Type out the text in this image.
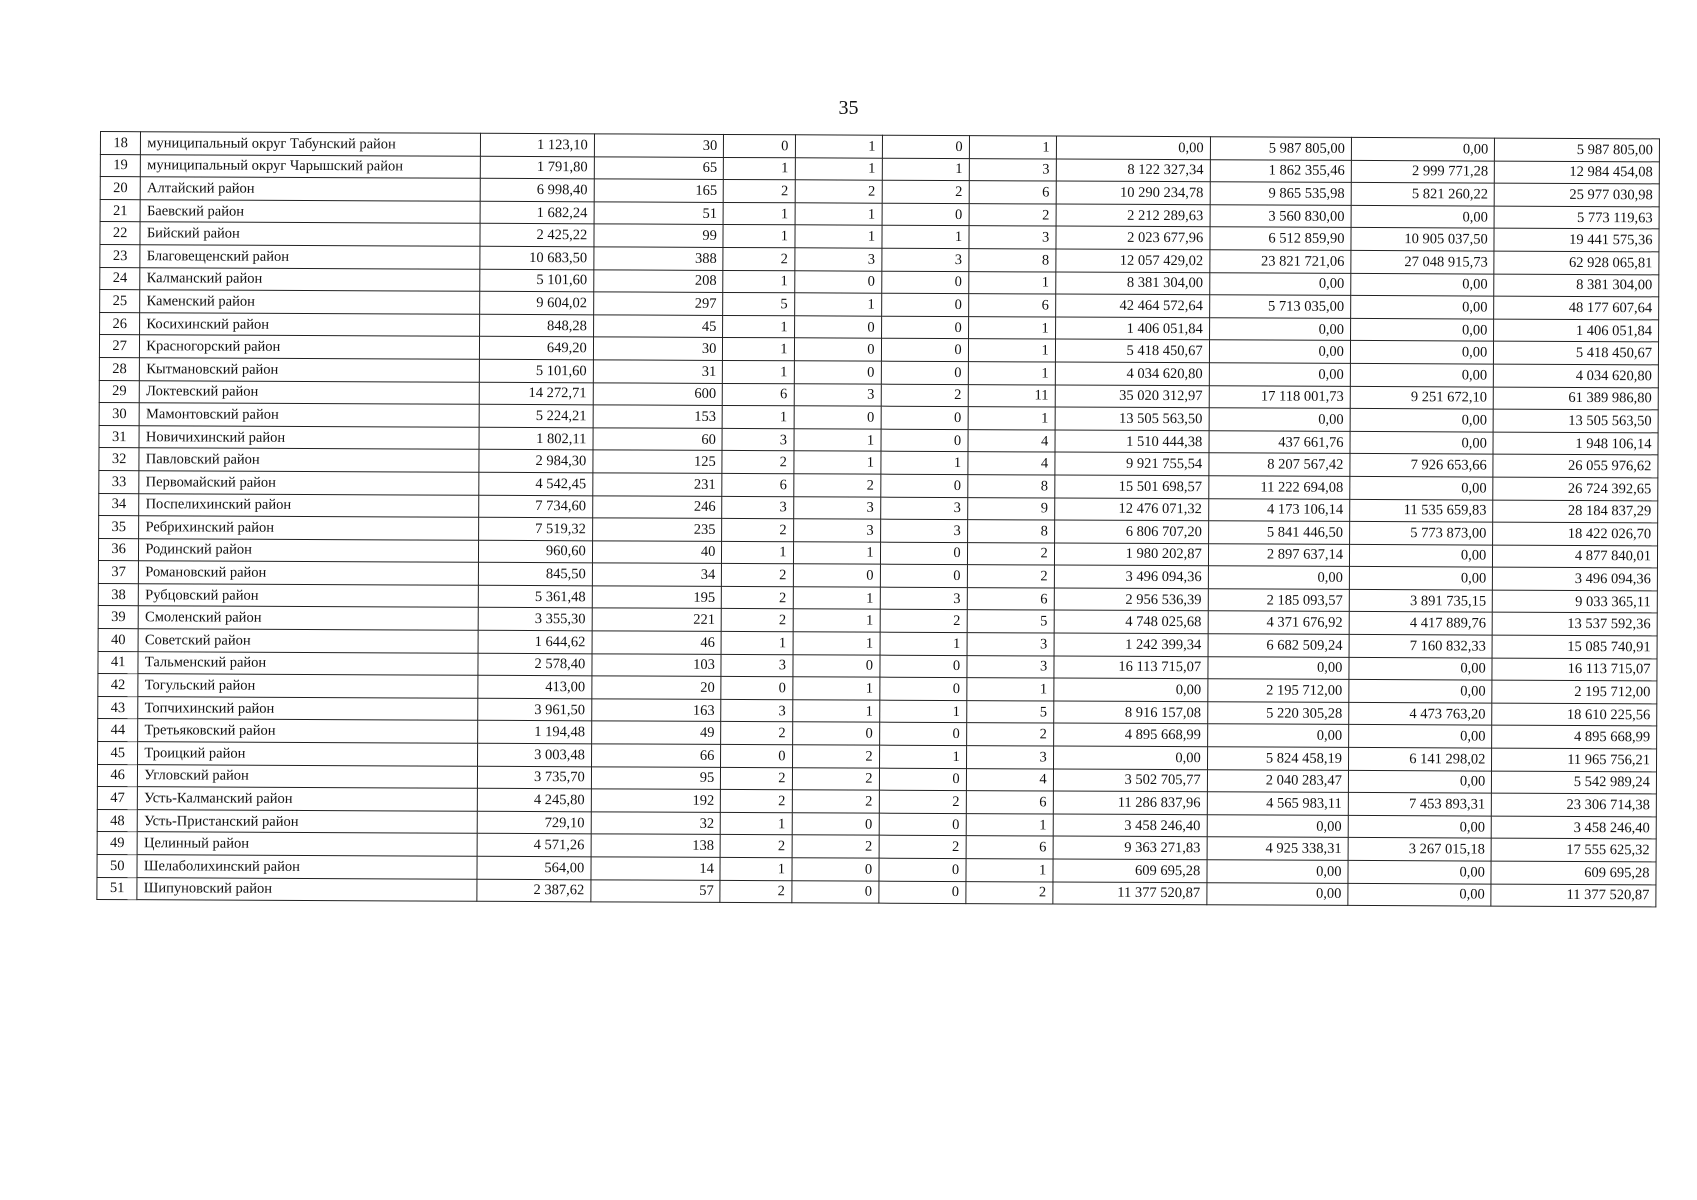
35
18	муниципальный округ Табунский район	1 123,10	30	0	1	0	1	0,00	5 987 805,00	0,00	5 987 805,00
19	муниципальный округ Чарышский район	1 791,80	65	1	1	1	3	8 122 327,34	1 862 355,46	2 999 771,28	12 984 454,08
20	Алтайский район	6 998,40	165	2	2	2	6	10 290 234,78	9 865 535,98	5 821 260,22	25 977 030,98
21	Баевский район	1 682,24	51	1	1	0	2	2 212 289,63	3 560 830,00	0,00	5 773 119,63
22	Бийский район	2 425,22	99	1	1	1	3	2 023 677,96	6 512 859,90	10 905 037,50	19 441 575,36
23	Благовещенский район	10 683,50	388	2	3	3	8	12 057 429,02	23 821 721,06	27 048 915,73	62 928 065,81
24	Калманский район	5 101,60	208	1	0	0	1	8 381 304,00	0,00	0,00	8 381 304,00
25	Каменский район	9 604,02	297	5	1	0	6	42 464 572,64	5 713 035,00	0,00	48 177 607,64
26	Косихинский район	848,28	45	1	0	0	1	1 406 051,84	0,00	0,00	1 406 051,84
27	Красногорский район	649,20	30	1	0	0	1	5 418 450,67	0,00	0,00	5 418 450,67
28	Кытмановский район	5 101,60	31	1	0	0	1	4 034 620,80	0,00	0,00	4 034 620,80
29	Локтевский район	14 272,71	600	6	3	2	11	35 020 312,97	17 118 001,73	9 251 672,10	61 389 986,80
30	Мамонтовский район	5 224,21	153	1	0	0	1	13 505 563,50	0,00	0,00	13 505 563,50
31	Новичихинский район	1 802,11	60	3	1	0	4	1 510 444,38	437 661,76	0,00	1 948 106,14
32	Павловский район	2 984,30	125	2	1	1	4	9 921 755,54	8 207 567,42	7 926 653,66	26 055 976,62
33	Первомайский район	4 542,45	231	6	2	0	8	15 501 698,57	11 222 694,08	0,00	26 724 392,65
34	Поспелихинский район	7 734,60	246	3	3	3	9	12 476 071,32	4 173 106,14	11 535 659,83	28 184 837,29
35	Ребрихинский район	7 519,32	235	2	3	3	8	6 806 707,20	5 841 446,50	5 773 873,00	18 422 026,70
36	Родинский район	960,60	40	1	1	0	2	1 980 202,87	2 897 637,14	0,00	4 877 840,01
37	Романовский район	845,50	34	2	0	0	2	3 496 094,36	0,00	0,00	3 496 094,36
38	Рубцовский район	5 361,48	195	2	1	3	6	2 956 536,39	2 185 093,57	3 891 735,15	9 033 365,11
39	Смоленский район	3 355,30	221	2	1	2	5	4 748 025,68	4 371 676,92	4 417 889,76	13 537 592,36
40	Советский район	1 644,62	46	1	1	1	3	1 242 399,34	6 682 509,24	7 160 832,33	15 085 740,91
41	Тальменский район	2 578,40	103	3	0	0	3	16 113 715,07	0,00	0,00	16 113 715,07
42	Тогульский район	413,00	20	0	1	0	1	0,00	2 195 712,00	0,00	2 195 712,00
43	Топчихинский район	3 961,50	163	3	1	1	5	8 916 157,08	5 220 305,28	4 473 763,20	18 610 225,56
44	Третьяковский район	1 194,48	49	2	0	0	2	4 895 668,99	0,00	0,00	4 895 668,99
45	Троицкий район	3 003,48	66	0	2	1	3	0,00	5 824 458,19	6 141 298,02	11 965 756,21
46	Угловский район	3 735,70	95	2	2	0	4	3 502 705,77	2 040 283,47	0,00	5 542 989,24
47	Усть-Калманский район	4 245,80	192	2	2	2	6	11 286 837,96	4 565 983,11	7 453 893,31	23 306 714,38
48	Усть-Пристанский район	729,10	32	1	0	0	1	3 458 246,40	0,00	0,00	3 458 246,40
49	Целинный район	4 571,26	138	2	2	2	6	9 363 271,83	4 925 338,31	3 267 015,18	17 555 625,32
50	Шелаболихинский район	564,00	14	1	0	0	1	609 695,28	0,00	0,00	609 695,28
51	Шипуновский район	2 387,62	57	2	0	0	2	11 377 520,87	0,00	0,00	11 377 520,87
